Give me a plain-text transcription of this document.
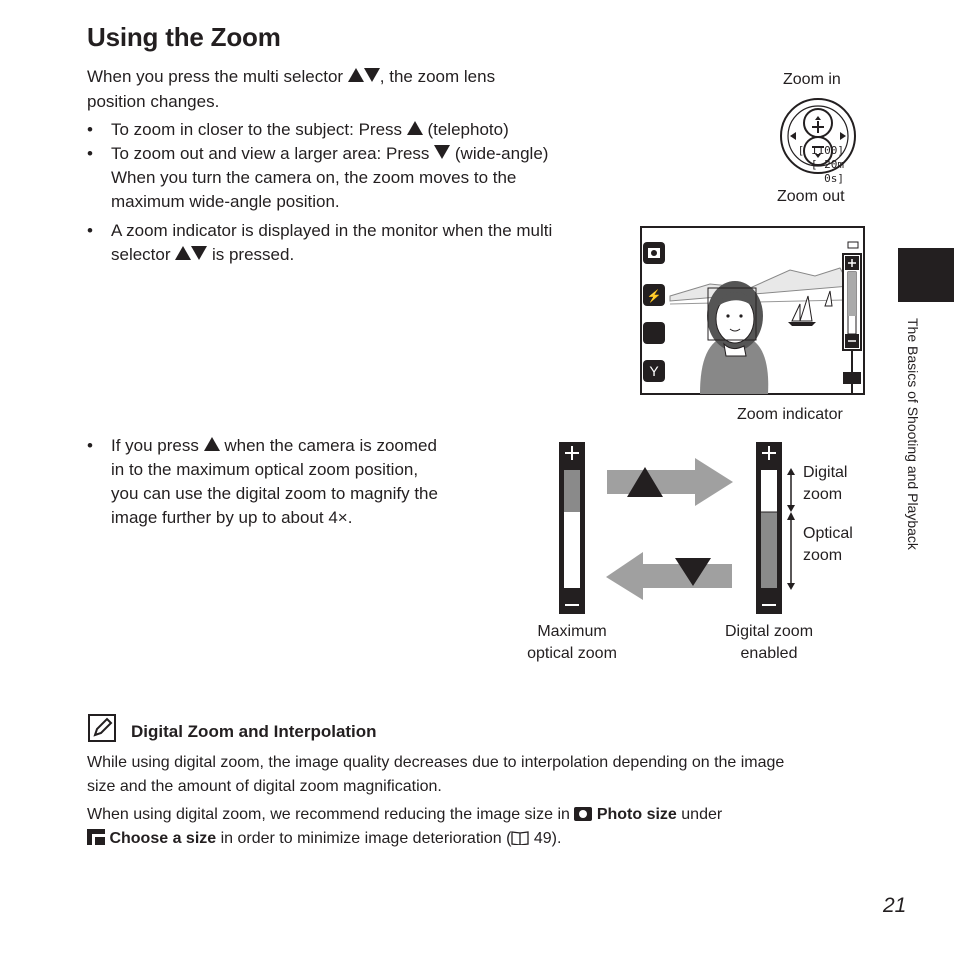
Using the Zoom
When you press the multi selector , the zoom lens
position changes.
• To zoom in closer to the subject: Press  (telephoto)
• To zoom out and view a larger area: Press  (wide-angle)
When you turn the camera on, the zoom moves to the
maximum wide-angle position.
• A zoom indicator is displayed in the monitor when the multi
selector  is pressed.
• If you press  when the camera is zoomed
in to the maximum optical zoom position,
you can use the digital zoom to magnify the
image further by up to about 4×.
Zoom in
Zoom out
⚡
Y
[ 1100]
[ 20m 0s]
Zoom indicator
Digital
zoom
Optical
zoom
Maximum
optical zoom
Digital zoom
enabled
Digital Zoom and Interpolation
While using digital zoom, the image quality decreases due to interpolation depending on the image
size and the amount of digital zoom magnification.
When using digital zoom, we recommend reducing the image size in  Photo size under
Choose a size in order to minimize image deterioration ( 49).
The Basics of Shooting and Playback
21
